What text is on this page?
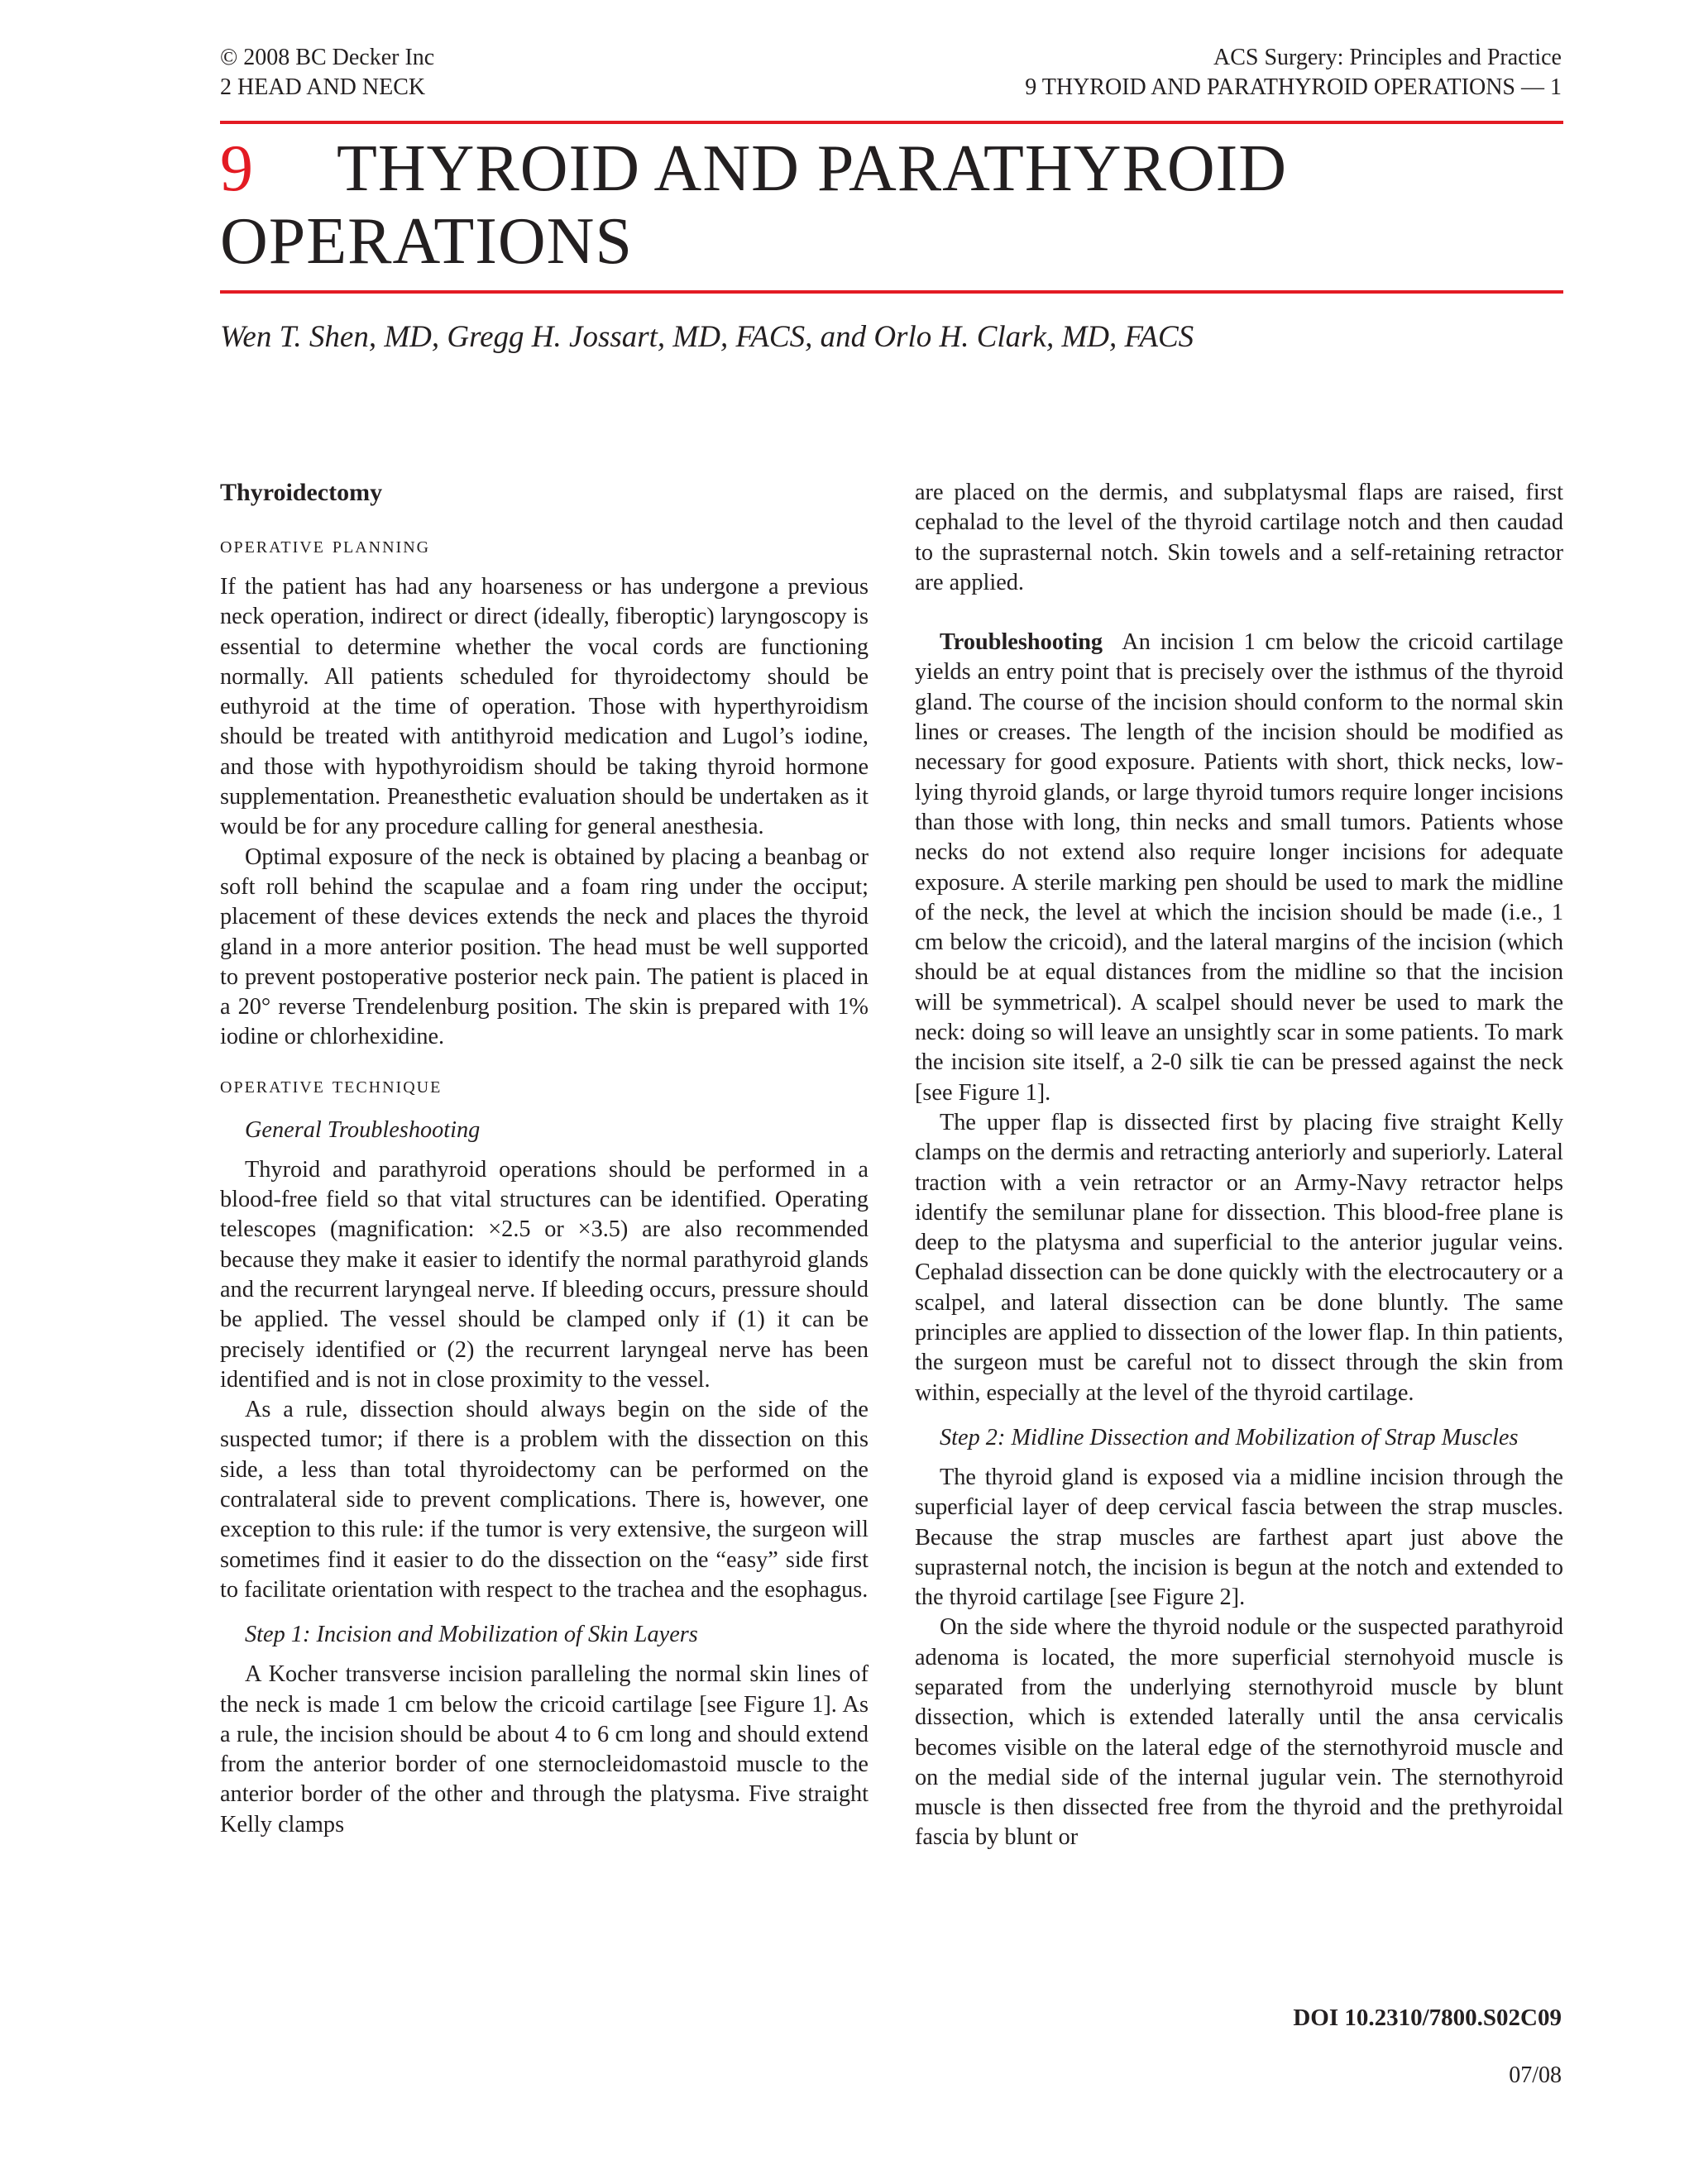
© 2008 BC Decker Inc
2 HEAD AND NECK
ACS Surgery: Principles and Practice
9 THYROID AND PARATHYROID OPERATIONS — 1
9 THYROID AND PARATHYROID
OPERATIONS
Wen T. Shen, MD, Gregg H. Jossart, MD, FACS, and Orlo H. Clark, MD, FACS
Thyroidectomy
operative planning

If the patient has had any hoarseness or has undergone a previous neck operation, indirect or direct (ideally, fiberoptic) laryngoscopy is essential to determine whether the vocal cords are functioning normally. All patients scheduled for thyroidectomy should be euthyroid at the time of operation. Those with hyperthyroidism should be treated with antithyroid medication and Lugol’s iodine, and those with hypothyroidism should be taking thyroid hormone supplementation. Preanesthetic evaluation should be undertaken as it would be for any procedure calling for general anesthesia.

Optimal exposure of the neck is obtained by placing a beanbag or soft roll behind the scapulae and a foam ring under the occiput; placement of these devices extends the neck and places the thyroid gland in a more anterior position. The head must be well supported to prevent postoperative posterior neck pain. The patient is placed in a 20° reverse Trendelenburg position. The skin is prepared with 1% iodine or chlorhexidine.

operative technique
General Troubleshooting

Thyroid and parathyroid operations should be performed in a blood-free field so that vital structures can be identified. Operating telescopes (magnification: ×2.5 or ×3.5) are also recommended because they make it easier to identify the normal parathyroid glands and the recurrent laryngeal nerve. If bleeding occurs, pressure should be applied. The vessel should be clamped only if (1) it can be precisely identified or (2) the recurrent laryngeal nerve has been identified and is not in close proximity to the vessel.

As a rule, dissection should always begin on the side of the suspected tumor; if there is a problem with the dissection on this side, a less than total thyroidectomy can be performed on the contralateral side to prevent complications. There is, however, one exception to this rule: if the tumor is very extensive, the surgeon will sometimes find it easier to do the dissection on the “easy” side first to facilitate orientation with respect to the trachea and the esophagus.

Step 1: Incision and Mobilization of Skin Layers

A Kocher transverse incision paralleling the normal skin lines of the neck is made 1 cm below the cricoid cartilage [see Figure 1]. As a rule, the incision should be about 4 to 6 cm long and should extend from the anterior border of one sternocleidomastoid muscle to the anterior border of the other and through the platysma. Five straight Kelly clamps

are placed on the dermis, and subplatysmal flaps are raised, first cephalad to the level of the thyroid cartilage notch and then caudad to the suprasternal notch. Skin towels and a self-retaining retractor are applied.

Troubleshooting An incision 1 cm below the cricoid cartilage yields an entry point that is precisely over the isthmus of the thyroid gland. The course of the incision should conform to the normal skin lines or creases. The length of the incision should be modified as necessary for good exposure. Patients with short, thick necks, low-lying thyroid glands, or large thyroid tumors require longer incisions than those with long, thin necks and small tumors. Patients whose necks do not extend also require longer incisions for adequate exposure. A sterile marking pen should be used to mark the midline of the neck, the level at which the incision should be made (i.e., 1 cm below the cricoid), and the lateral margins of the incision (which should be at equal distances from the midline so that the incision will be symmetrical). A scalpel should never be used to mark the neck: doing so will leave an unsightly scar in some patients. To mark the incision site itself, a 2-0 silk tie can be pressed against the neck [see Figure 1].

The upper flap is dissected first by placing five straight Kelly clamps on the dermis and retracting anteriorly and superiorly. Lateral traction with a vein retractor or an Army-Navy retractor helps identify the semilunar plane for dissection. This blood-free plane is deep to the platysma and superficial to the anterior jugular veins. Cephalad dissection can be done quickly with the electrocautery or a scalpel, and lateral dissection can be done bluntly. The same principles are applied to dissection of the lower flap. In thin patients, the surgeon must be careful not to dissect through the skin from within, especially at the level of the thyroid cartilage.

Step 2: Midline Dissection and Mobilization of Strap Muscles

The thyroid gland is exposed via a midline incision through the superficial layer of deep cervical fascia between the strap muscles. Because the strap muscles are farthest apart just above the suprasternal notch, the incision is begun at the notch and extended to the thyroid cartilage [see Figure 2].

On the side where the thyroid nodule or the suspected parathyroid adenoma is located, the more superficial sternohyoid muscle is separated from the underlying sternothyroid muscle by blunt dissection, which is extended laterally until the ansa cervicalis becomes visible on the lateral edge of the sternothyroid muscle and on the medial side of the internal jugular vein. The sternothyroid muscle is then dissected free from the thyroid and the prethyroidal fascia by blunt or

DOI 10.2310/7800.S02C09
07/08
